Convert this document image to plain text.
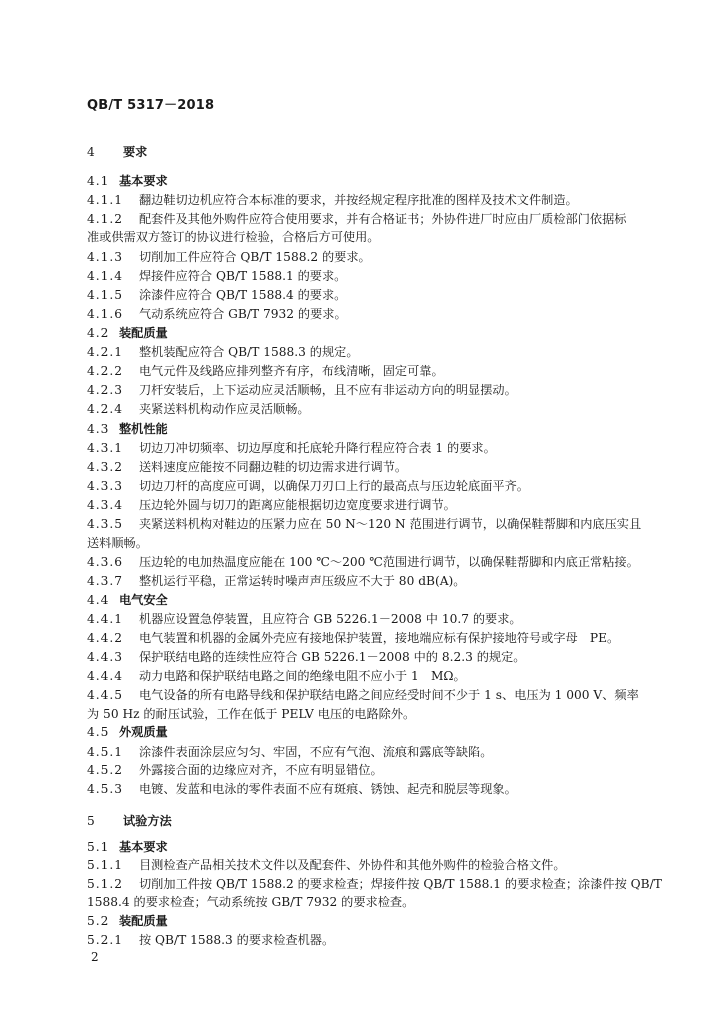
QB/T 5317－2018
4 要求
4.1 基本要求
4.1.1 翻边鞋切边机应符合本标准的要求，并按经规定程序批准的图样及技术文件制造。
4.1.2 配套件及其他外购件应符合使用要求，并有合格证书；外协件进厂时应由厂质检部门依据标
准或供需双方签订的协议进行检验，合格后方可使用。
4.1.3 切削加工件应符合 QB/T 1588.2 的要求。
4.1.4 焊接件应符合 QB/T 1588.1 的要求。
4.1.5 涂漆件应符合 QB/T 1588.4 的要求。
4.1.6 气动系统应符合 GB/T 7932 的要求。
4.2 装配质量
4.2.1 整机装配应符合 QB/T 1588.3 的规定。
4.2.2 电气元件及线路应排列整齐有序，布线清晰，固定可靠。
4.2.3 刀杆安装后，上下运动应灵活顺畅，且不应有非运动方向的明显摆动。
4.2.4 夹紧送料机构动作应灵活顺畅。
4.3 整机性能
4.3.1 切边刀冲切频率、切边厚度和托底轮升降行程应符合表 1 的要求。
4.3.2 送料速度应能按不同翻边鞋的切边需求进行调节。
4.3.3 切边刀杆的高度应可调，以确保刀刃口上行的最高点与压边轮底面平齐。
4.3.4 压边轮外圆与切刀的距离应能根据切边宽度要求进行调节。
4.3.5 夹紧送料机构对鞋边的压紧力应在 50 N～120 N 范围进行调节，以确保鞋帮脚和内底压实且
送料顺畅。
4.3.6 压边轮的电加热温度应能在 100 ℃～200 ℃范围进行调节，以确保鞋帮脚和内底正常粘接。
4.3.7 整机运行平稳，正常运转时噪声声压级应不大于 80 dB(A)。
4.4 电气安全
4.4.1 机器应设置急停装置，且应符合 GB 5226.1－2008 中 10.7 的要求。
4.4.2 电气装置和机器的金属外壳应有接地保护装置，接地端应标有保护接地符号或字母　PE。
4.4.3 保护联结电路的连续性应符合 GB 5226.1－2008 中的 8.2.3 的规定。
4.4.4 动力电路和保护联结电路之间的绝缘电阻不应小于 1　MΩ。
4.4.5 电气设备的所有电路导线和保护联结电路之间应经受时间不少于 1 s、电压为 1 000 V、频率
为 50 Hz 的耐压试验，工作在低于 PELV 电压的电路除外。
4.5 外观质量
4.5.1 涂漆件表面涂层应匀匀、牢固，不应有气泡、流痕和露底等缺陷。
4.5.2 外露接合面的边缘应对齐，不应有明显错位。
4.5.3 电镀、发蓝和电泳的零件表面不应有斑痕、锈蚀、起壳和脱层等现象。
5 试验方法
5.1 基本要求
5.1.1 目测检查产品相关技术文件以及配套件、外协件和其他外购件的检验合格文件。
5.1.2 切削加工件按 QB/T 1588.2 的要求检查；焊接件按 QB/T 1588.1 的要求检查；涂漆件按 QB/T
1588.4 的要求检查；气动系统按 GB/T 7932 的要求检查。
5.2 装配质量
5.2.1 按 QB/T 1588.3 的要求检查机器。
2
